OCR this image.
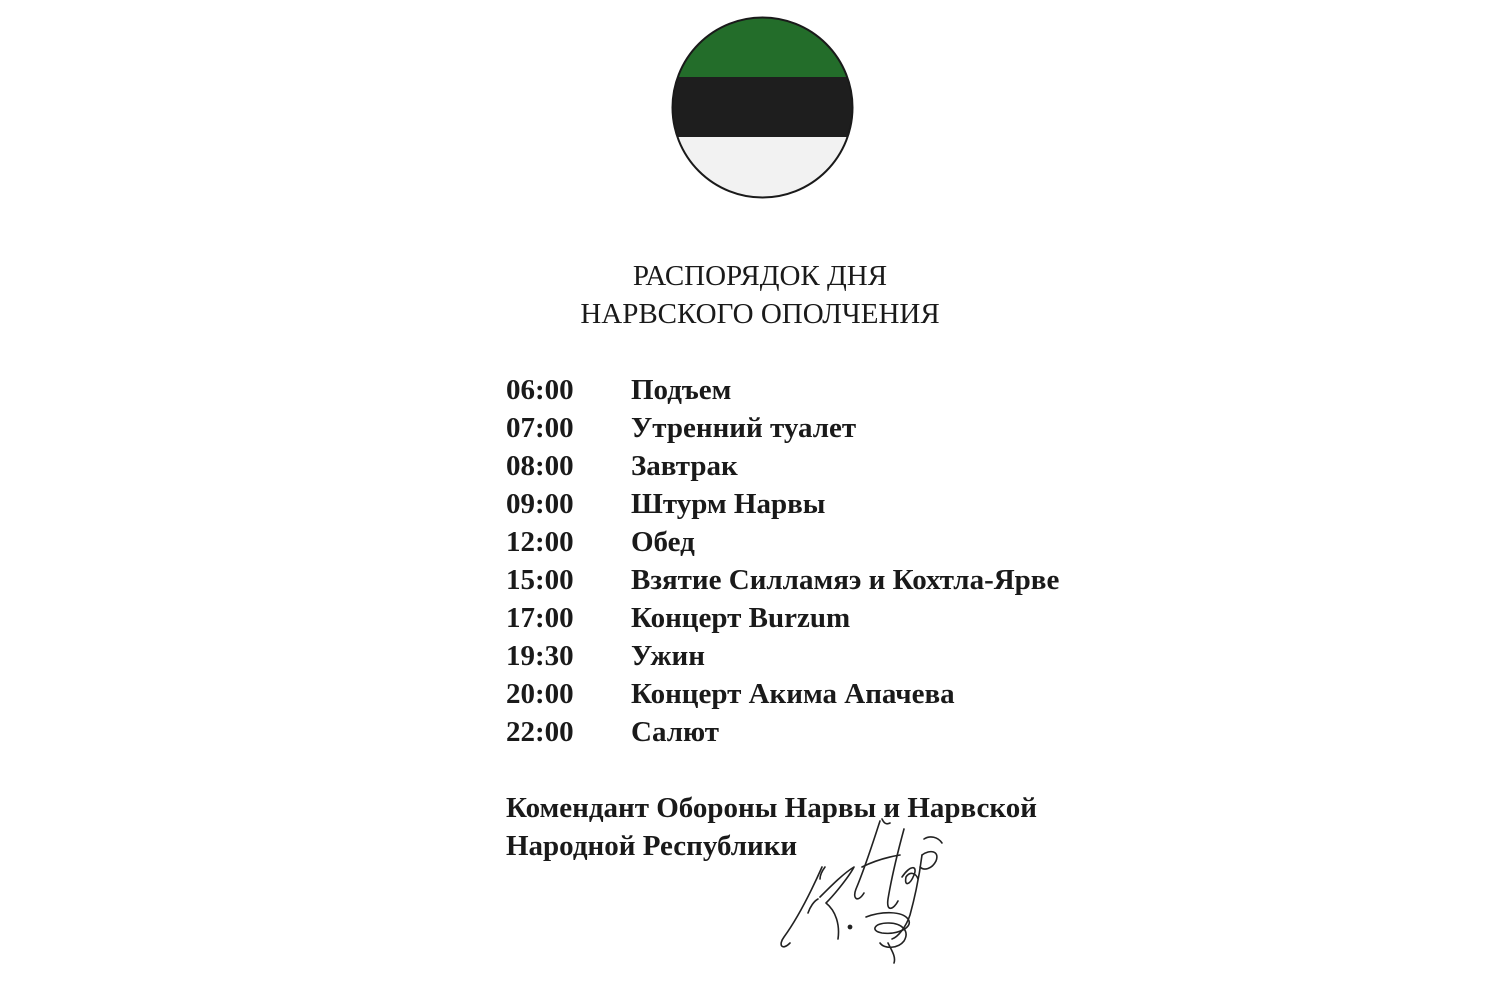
РАСПОРЯДОК ДНЯ
НАРВСКОГО ОПОЛЧЕНИЯ
06:00	Подъем
07:00	Утренний туалет
08:00	Завтрак
09:00	Штурм Нарвы
12:00	Обед
15:00	Взятие Силламяэ и Кохтла-Ярве
17:00	Концерт Burzum
19:30	Ужин
20:00	Концерт Акима Апачева
22:00	Салют
Комендант Обороны Нарвы и Нарвской
Народной Республики
